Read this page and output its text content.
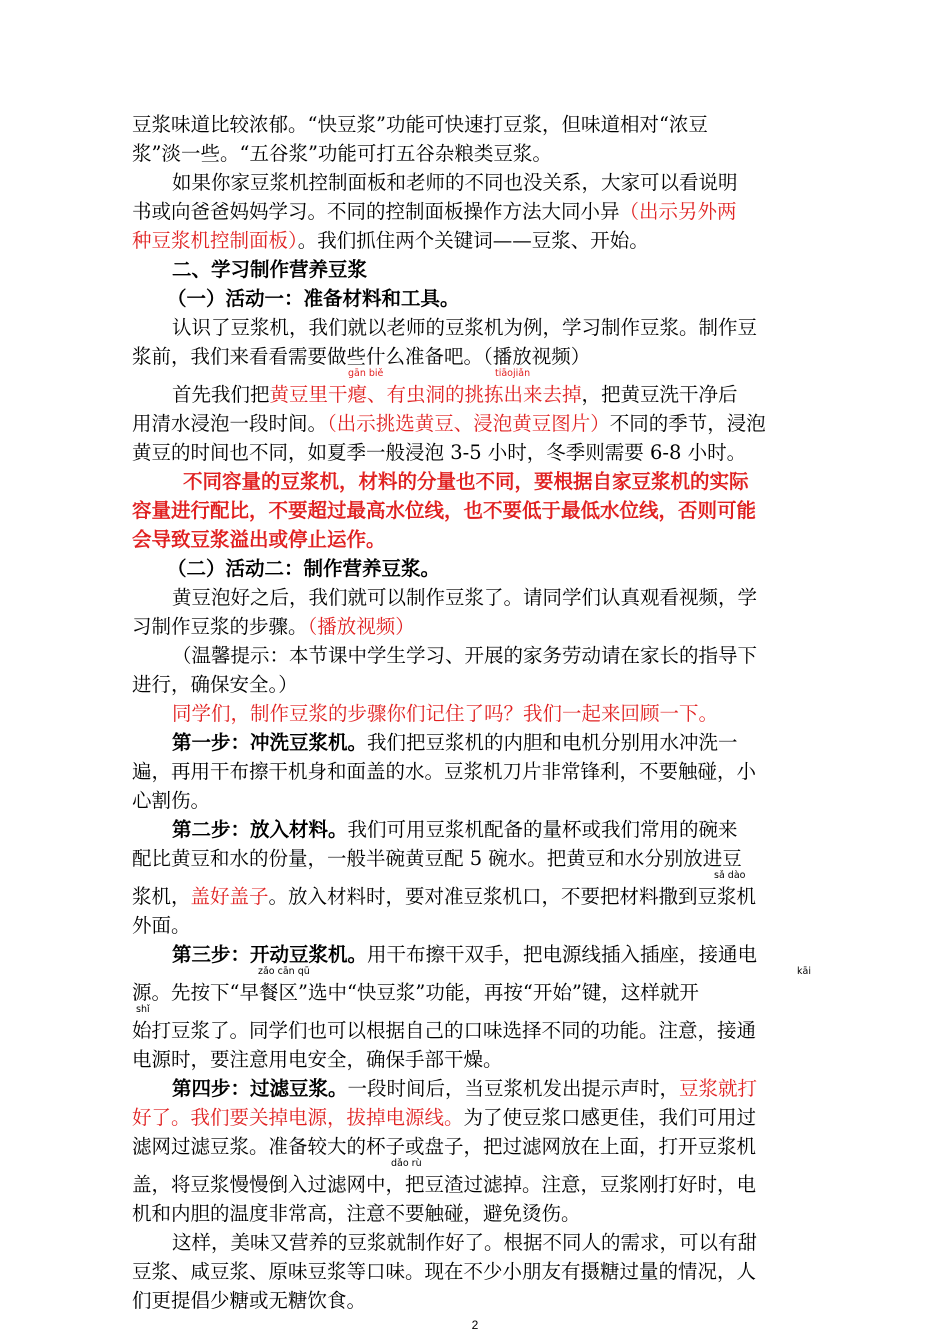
豆浆味道比较浓郁。“快豆浆”功能可快速打豆浆，但味道相对“浓豆
浆”淡一些。“五谷浆”功能可打五谷杂粮类豆浆。
如果你家豆浆机控制面板和老师的不同也没关系，大家可以看说明
书或向爸爸妈妈学习。不同的控制面板操作方法大同小异（出示另外两
种豆浆机控制面板）。我们抓住两个关键词——豆浆、开始。
二、学习制作营养豆浆
（一）活动一：准备材料和工具。
认识了豆浆机，我们就以老师的豆浆机为例，学习制作豆浆。制作豆
浆前，我们来看看需要做些什么准备吧。（播放视频）
gān biě	tiāojiǎn
首先我们把黄豆里干瘪、有虫洞的挑拣出来去掉，把黄豆洗干净后
用清水浸泡一段时间。（出示挑选黄豆、浸泡黄豆图片）不同的季节，浸泡
黄豆的时间也不同，如夏季一般浸泡 3-5 小时，冬季则需要 6-8 小时。
不同容量的豆浆机，材料的分量也不同，要根据自家豆浆机的实际
容量进行配比，不要超过最高水位线，也不要低于最低水位线，否则可能
会导致豆浆溢出或停止运作。
（二）活动二：制作营养豆浆。
黄豆泡好之后，我们就可以制作豆浆了。请同学们认真观看视频，学
习制作豆浆的步骤。（播放视频）
（温馨提示：本节课中学生学习、开展的家务劳动请在家长的指导下
进行，确保安全。）
同学们，制作豆浆的步骤你们记住了吗？我们一起来回顾一下。
第一步：冲洗豆浆机。我们把豆浆机的内胆和电机分别用水冲洗一
遍，再用干布擦干机身和面盖的水。豆浆机刀片非常锋利，不要触碰，小
心割伤。
第二步：放入材料。我们可用豆浆机配备的量杯或我们常用的碗来
配比黄豆和水的份量，一般半碗黄豆配 5 碗水。把黄豆和水分别放进豆
sǎ dào
浆机，盖好盖子。放入材料时，要对准豆浆机口，不要把材料撒到豆浆机
外面。
第三步：开动豆浆机。用干布擦干双手，把电源线插入插座，接通电
zǎo cān qū	kāi
源。先按下“早餐区”选中“快豆浆”功能，再按“开始”键，这样就开
shǐ
始打豆浆了。同学们也可以根据自己的口味选择不同的功能。注意，接通
电源时，要注意用电安全，确保手部干燥。
第四步：过滤豆浆。一段时间后，当豆浆机发出提示声时，豆浆就打
好了。我们要关掉电源，拔掉电源线。为了使豆浆口感更佳，我们可用过
滤网过滤豆浆。准备较大的杯子或盘子，把过滤网放在上面，打开豆浆机
dǎo rù
盖，将豆浆慢慢倒入过滤网中，把豆渣过滤掉。注意，豆浆刚打好时，电
机和内胆的温度非常高，注意不要触碰，避免烫伤。
这样，美味又营养的豆浆就制作好了。根据不同人的需求，可以有甜
豆浆、咸豆浆、原味豆浆等口味。现在不少小朋友有摄糖过量的情况，人
们更提倡少糖或无糖饮食。
2
